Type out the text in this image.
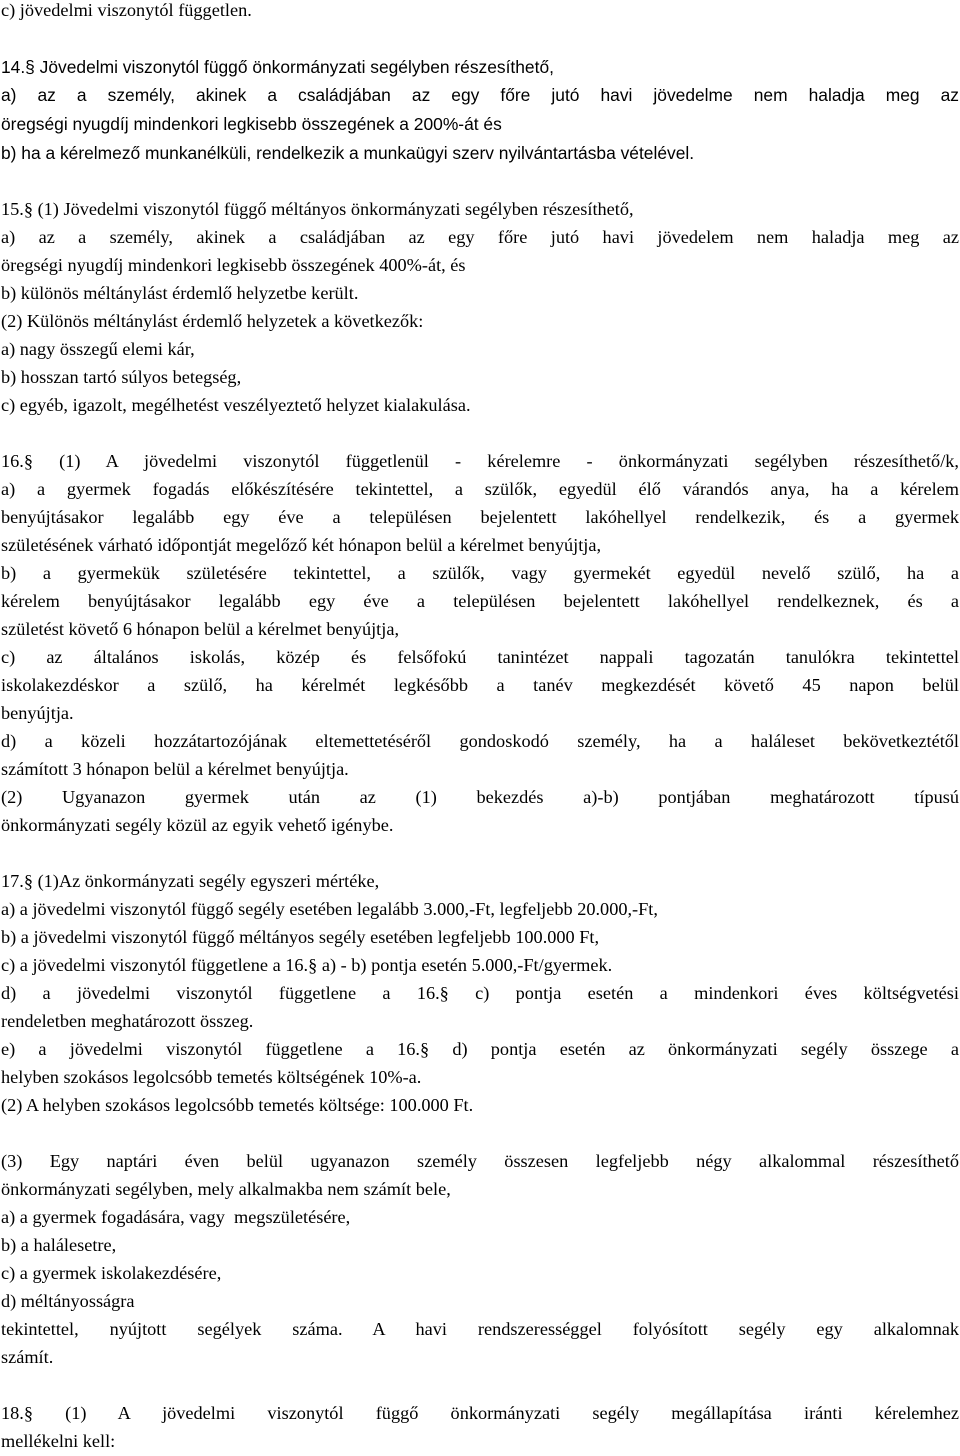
c) jövedelmi viszonytól független.
14.§ Jövedelmi viszonytól függő önkormányzati segélyben részesíthető,
a) az a személy, akinek a családjában az egy főre jutó havi jövedelme nem haladja meg az
öregségi nyugdíj mindenkori legkisebb összegének a 200%-át és
b) ha a kérelmező munkanélküli, rendelkezik a munkaügyi szerv nyilvántartásba vételével.
15.§ (1) Jövedelmi viszonytól függő méltányos önkormányzati segélyben részesíthető,
a) az a személy, akinek a családjában az egy főre jutó havi jövedelem nem haladja meg az
öregségi nyugdíj mindenkori legkisebb összegének 400%-át, és
b) különös méltánylást érdemlő helyzetbe került.
(2) Különös méltánylást érdemlő helyzetek a következők:
a) nagy összegű elemi kár,
b) hosszan tartó súlyos betegség,
c) egyéb, igazolt, megélhetést veszélyeztető helyzet kialakulása.
16.§ (1) A jövedelmi viszonytól függetlenül - kérelemre - önkormányzati segélyben részesíthető/k,
a) a gyermek fogadás előkészítésére tekintettel, a szülők, egyedül élő várandós anya, ha a kérelem
benyújtásakor legalább egy éve a településen bejelentett lakóhellyel rendelkezik, és a gyermek
születésének várható időpontját megelőző két hónapon belül a kérelmet benyújtja,
b) a gyermekük születésére tekintettel, a szülők, vagy gyermekét egyedül nevelő szülő, ha a
kérelem benyújtásakor legalább egy éve a településen bejelentett lakóhellyel rendelkeznek, és a
születést követő 6 hónapon belül a kérelmet benyújtja,
c) az általános iskolás, közép és felsőfokú tanintézet nappali tagozatán tanulókra tekintettel
iskolakezdéskor a szülő, ha kérelmét legkésőbb a tanév megkezdését követő 45 napon belül
benyújtja.
d) a közeli hozzátartozójának eltemettetéséről gondoskodó személy, ha a haláleset bekövetkeztétől
számított 3 hónapon belül a kérelmet benyújtja.
(2) Ugyanazon gyermek után az (1) bekezdés a)-b) pontjában meghatározott típusú
önkormányzati segély közül az egyik vehető igénybe.
17.§ (1)Az önkormányzati segély egyszeri mértéke,
a) a jövedelmi viszonytól függő segély esetében legalább 3.000,-Ft, legfeljebb 20.000,-Ft,
b) a jövedelmi viszonytól függő méltányos segély esetében legfeljebb 100.000 Ft,
c) a jövedelmi viszonytól függetlene a 16.§ a) - b) pontja esetén 5.000,-Ft/gyermek.
d) a jövedelmi viszonytól függetlene a 16.§ c) pontja esetén a mindenkori éves költségvetési
rendeletben meghatározott összeg.
e) a jövedelmi viszonytól függetlene a 16.§ d) pontja esetén az önkormányzati segély összege a
helyben szokásos legolcsóbb temetés költségének 10%-a.
(2) A helyben szokásos legolcsóbb temetés költsége: 100.000 Ft.
(3) Egy naptári éven belül ugyanazon személy összesen legfeljebb négy alkalommal részesíthető
önkormányzati segélyben, mely alkalmakba nem számít bele,
a) a gyermek fogadására, vagy  megszületésére,
b) a halálesetre,
c) a gyermek iskolakezdésére,
d) méltányosságra
tekintettel, nyújtott segélyek száma. A havi rendszerességgel folyósított segély egy alkalomnak
számít.
18.§ (1) A jövedelmi viszonytól függő önkormányzati segély megállapítása iránti kérelemhez
mellékelni kell:
